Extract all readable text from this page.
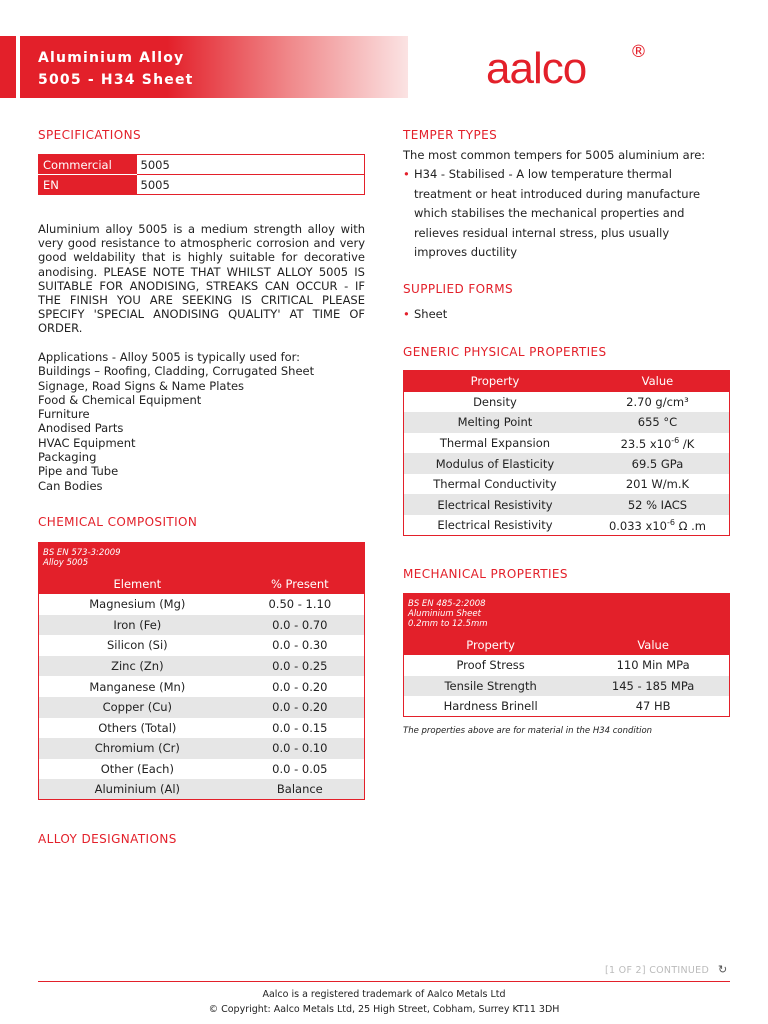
Aluminium Alloy
5005 - H34 Sheet	aalco	®
SPECIFICATIONS
Commercial	5005
EN	5005

Aluminium alloy 5005 is a medium strength alloy with very good resistance to atmospheric corrosion and very good weldability that is highly suitable for decorative anodising. PLEASE NOTE THAT WHILST ALLOY 5005 IS SUITABLE FOR ANODISING, STREAKS CAN OCCUR - IF THE FINISH YOU ARE SEEKING IS CRITICAL PLEASE SPECIFY 'SPECIAL ANODISING QUALITY' AT TIME OF ORDER.

Applications - Alloy 5005 is typically used for:
Buildings – Roofing, Cladding, Corrugated Sheet
Signage, Road Signs & Name Plates
Food & Chemical Equipment
Furniture
Anodised Parts
HVAC Equipment
Packaging
Pipe and Tube
Can Bodies
CHEMICAL COMPOSITION
BS EN 573-3:2009
Alloy 5005	

Element	% Present
Magnesium (Mg)	0.50 - 1.10
Iron (Fe)	0.0 - 0.70
Silicon (Si)	0.0 - 0.30
Zinc (Zn)	0.0 - 0.25
Manganese (Mn)	0.0 - 0.20
Copper (Cu)	0.0 - 0.20
Others (Total)	0.0 - 0.15
Chromium (Cr)	0.0 - 0.10
Other (Each)	0.0 - 0.05
Aluminium (Al)	Balance
ALLOY DESIGNATIONS
TEMPER TYPES
The most common tempers for 5005 aluminium are:
• H34 - Stabilised - A low temperature thermal treatment or heat introduced during manufacture which stabilises the mechanical properties and relieves residual internal stress, plus usually improves ductility
SUPPLIED FORMS
• Sheet
GENERIC PHYSICAL PROPERTIES
Property	Value
Density	2.70 g/cm³
Melting Point	655 °C
Thermal Expansion	23.5 $x10^{-6}$ /K
Modulus of Elasticity	69.5 GPa
Thermal Conductivity	201 W/m.K
Electrical Resistivity	52 % IACS
Electrical Resistivity	0.033 $x10^{-6}$ Ω .m
MECHANICAL PROPERTIES
BS EN 485-2:2008
Aluminium Sheet
0.2mm to 12.5mm	

Property	Value
Proof Stress	110 Min MPa
Tensile Strength	145 - 185 MPa
Hardness Brinell	47 HB
The properties above are for material in the H34 condition
[1 OF 2] CONTINUED ↻
Aalco is a registered trademark of Aalco Metals Ltd
© Copyright: Aalco Metals Ltd, 25 High Street, Cobham, Surrey KT11 3DH
